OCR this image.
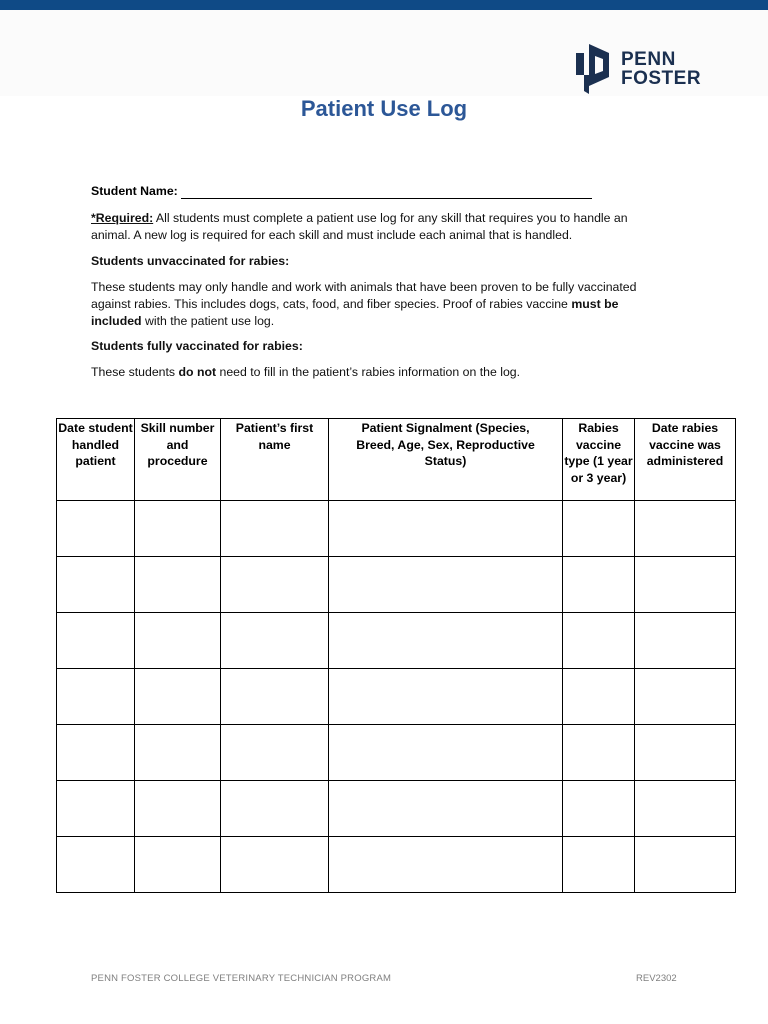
PENN
FOSTER
Patient Use Log
Student Name:
*Required: All students must complete a patient use log for any skill that requires you to handle an animal. A new log is required for each skill and must include each animal that is handled.
Students unvaccinated for rabies:
These students may only handle and work with animals that have been proven to be fully vaccinated against rabies. This includes dogs, cats, food, and fiber species. Proof of rabies vaccine must be included with the patient use log.
Students fully vaccinated for rabies:
These students do not need to fill in the patient’s rabies information on the log.
Date student handled patient	Skill number and procedure	Patient’s first name	Patient Signalment (Species, Breed, Age, Sex, Reproductive Status)	Rabies vaccine type (1 year or 3 year)	Date rabies vaccine was administered

PENN FOSTER COLLEGE VETERINARY TECHNICIAN PROGRAM	REV2302
